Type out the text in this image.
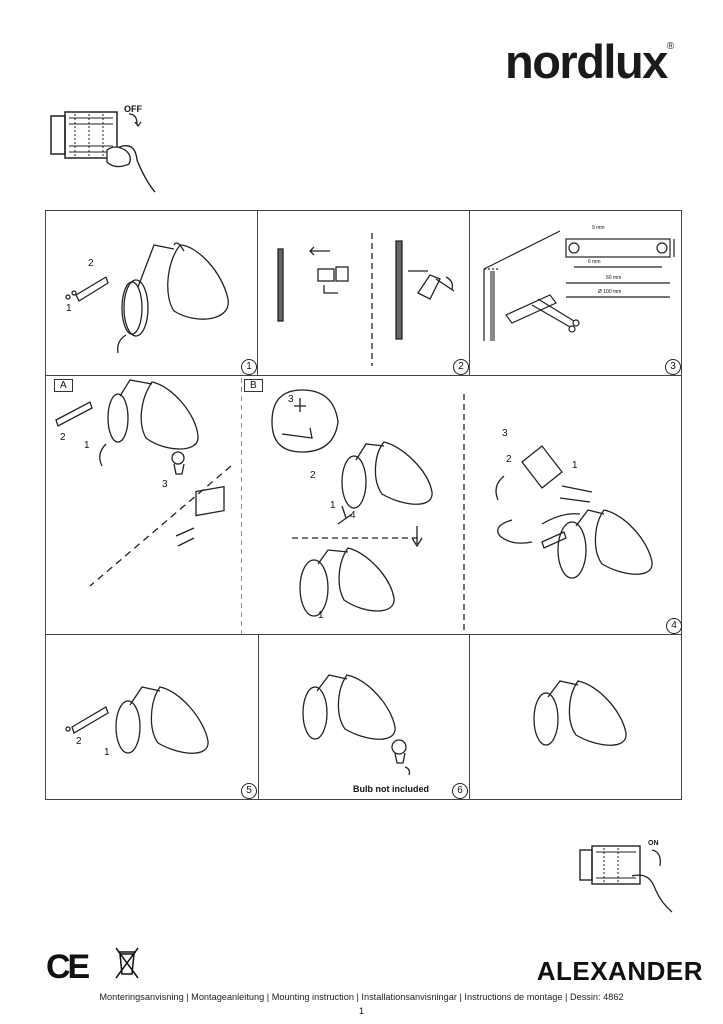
nordlux®
OFF
2
1
1	2
6 mm
60 mm
Ø 100 mm
9 mm
3
A
2
1
3
B
3
2
1
4
1
3
2
1
4
2
1
5	6
Bulb not included
ON
CE	ALEXANDER
Monteringsanvisning | Montageanleitung | Mounting instruction | Installationsanvisningar | Instructions de montage | Dessin: 4862
1
